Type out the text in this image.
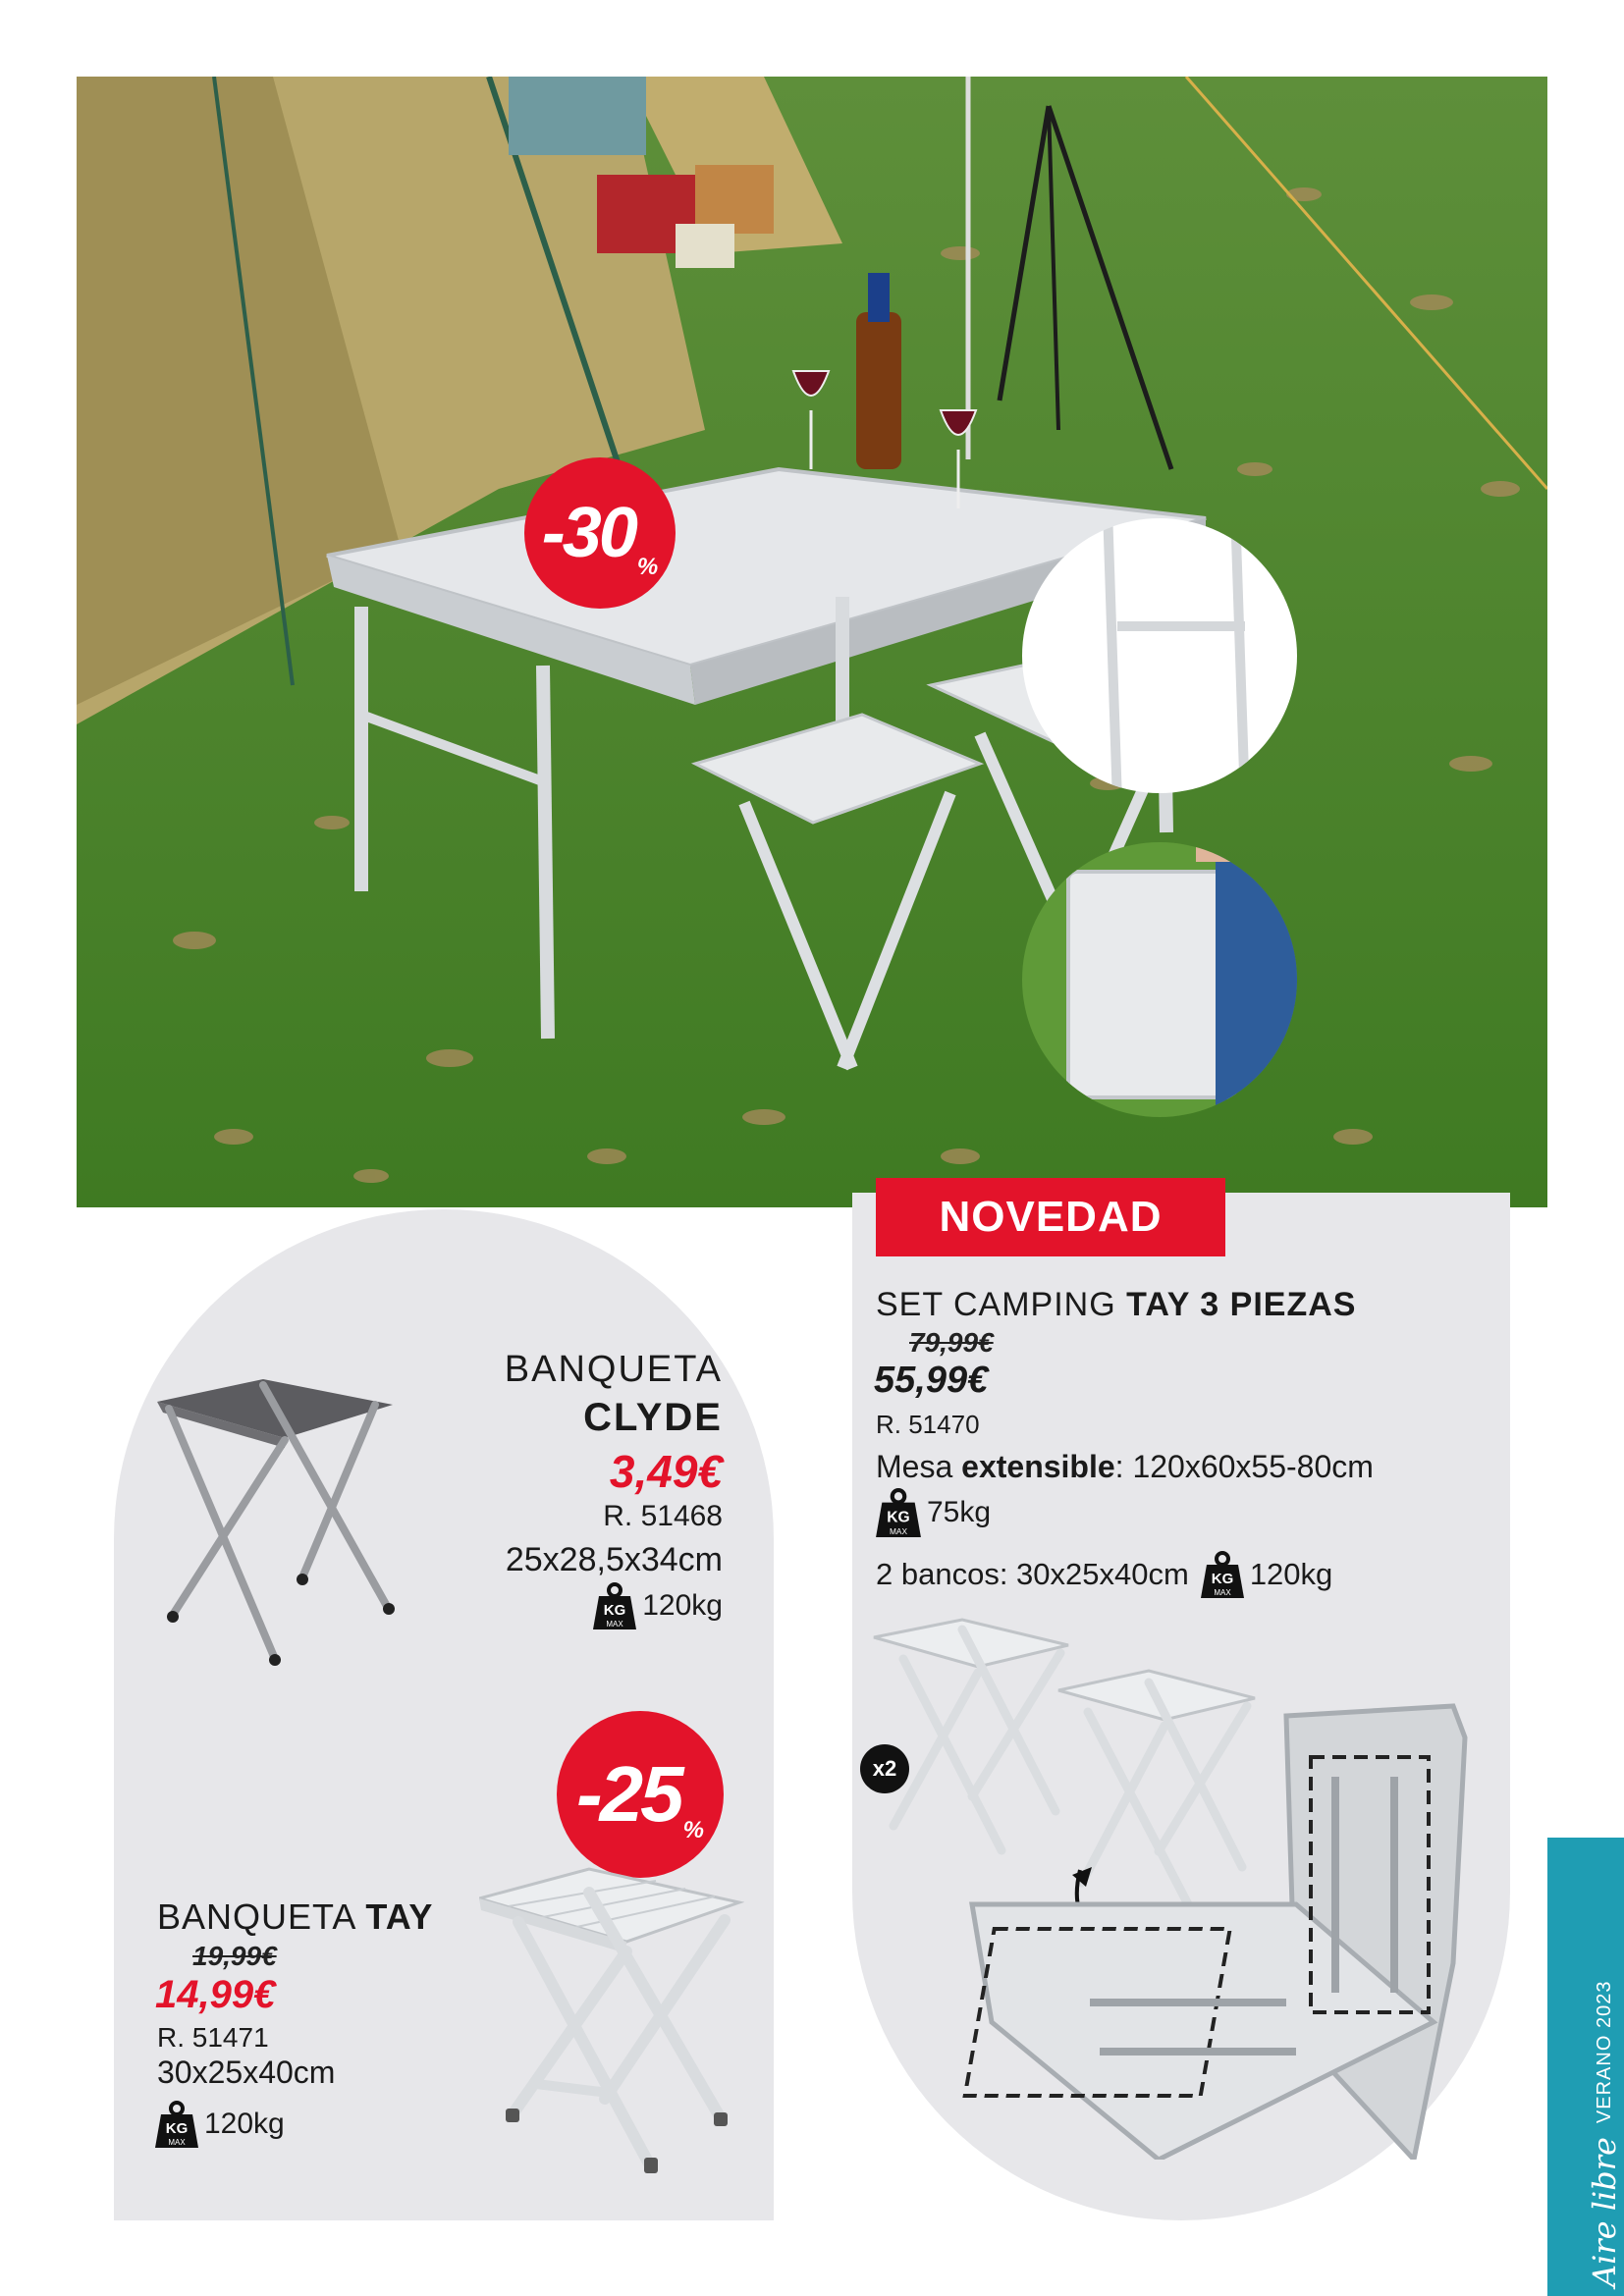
-30 %
BANQUETA
CLYDE
3,49€
R. 51468
25x28,5x34cm
KG
MAX
120kg
-25 %
BANQUETA TAY
19,99€
14,99€
R. 51471
30x25x40cm
KG
MAX
120kg
NOVEDAD
SET CAMPING TAY 3 PIEZAS
79,99€
55,99€
R. 51470
Mesa extensible: 120x60x55-80cm
KG
MAX
75kg
2 bancos: 30x25x40cm KG
MAX
120kg
x2
Aire libre
VERANO 2023
